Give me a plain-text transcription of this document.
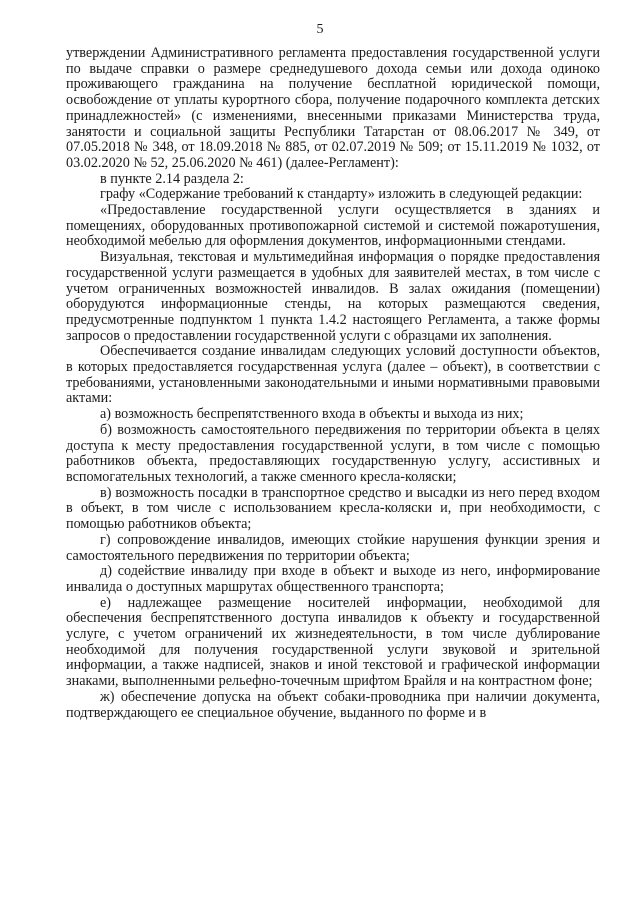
5

утверждении Административного регламента предоставления государственной услуги по выдаче справки о размере среднедушевого дохода семьи или дохода одиноко проживающего гражданина на получение бесплатной юридической помощи, освобождение от уплаты курортного сбора, получение подарочного комплекта детских принадлежностей» (с изменениями, внесенными приказами Министерства труда, занятости и социальной защиты Республики Татарстан от 08.06.2017 № 349, от 07.05.2018 № 348, от 18.09.2018 № 885, от 02.07.2019 № 509; от 15.11.2019 № 1032, от 03.02.2020 № 52, 25.06.2020 № 461) (далее-Регламент):

в пункте 2.14 раздела 2:

графу «Содержание требований к стандарту» изложить в следующей редакции:

«Предоставление государственной услуги осуществляется в зданиях и помещениях, оборудованных противопожарной системой и системой пожаротушения, необходимой мебелью для оформления документов, информационными стендами.

Визуальная, текстовая и мультимедийная информация о порядке предоставления государственной услуги размещается в удобных для заявителей местах, в том числе с учетом ограниченных возможностей инвалидов. В залах ожидания (помещении) оборудуются информационные стенды, на которых размещаются сведения, предусмотренные подпунктом 1 пункта 1.4.2 настоящего Регламента, а также формы запросов о предоставлении государственной услуги с образцами их заполнения.

Обеспечивается создание инвалидам следующих условий доступности объектов, в которых предоставляется государственная услуга (далее – объект), в соответствии с требованиями, установленными законодательными и иными нормативными правовыми актами:

а) возможность беспрепятственного входа в объекты и выхода из них;

б) возможность самостоятельного передвижения по территории объекта в целях доступа к месту предоставления государственной услуги, в том числе с помощью работников объекта, предоставляющих государственную услугу, ассистивных и вспомогательных технологий, а также сменного кресла-коляски;

в) возможность посадки в транспортное средство и высадки из него перед входом в объект, в том числе с использованием кресла-коляски и, при необходимости, с помощью работников объекта;

г) сопровождение инвалидов, имеющих стойкие нарушения функции зрения и самостоятельного передвижения по территории объекта;

д) содействие инвалиду при входе в объект и выходе из него, информирование инвалида о доступных маршрутах общественного транспорта;

е) надлежащее размещение носителей информации, необходимой для обеспечения беспрепятственного доступа инвалидов к объекту и государственной услуге, с учетом ограничений их жизнедеятельности, в том числе дублирование необходимой для получения государственной услуги звуковой и зрительной информации, а также надписей, знаков и иной текстовой и графической информации знаками, выполненными рельефно-точечным шрифтом Брайля и на контрастном фоне;

ж) обеспечение допуска на объект собаки-проводника при наличии документа, подтверждающего ее специальное обучение, выданного по форме и в
